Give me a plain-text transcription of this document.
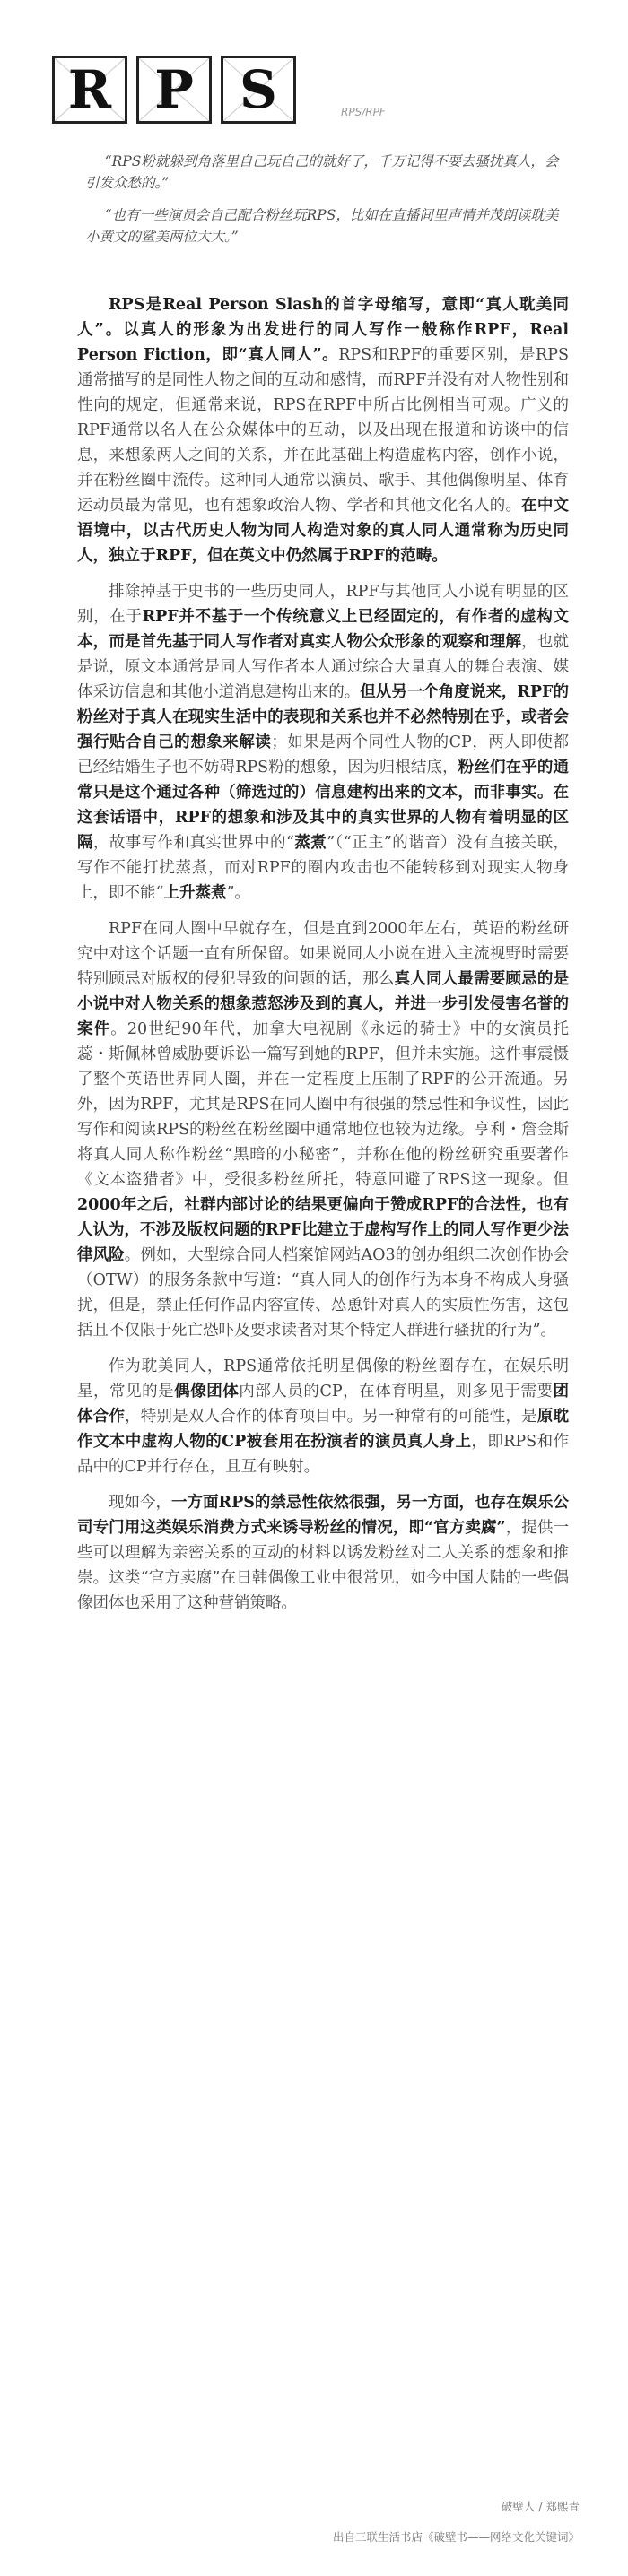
R P S	RPS/RPF

“RPS粉就躲到角落里自己玩自己的就好了，千万记得不要去骚扰真人，会引发众愁的。”

“也有一些演员会自己配合粉丝玩RPS，比如在直播间里声情并茂朗读耽美小黄文的鲨美两位大大。”

RPS是Real Person Slash的首字母缩写，意即“真人耽美同人”。以真人的形象为出发进行的同人写作一般称作RPF，Real Person Fiction，即“真人同人”。RPS和RPF的重要区别，是RPS通常描写的是同性人物之间的互动和感情，而RPF并没有对人物性别和性向的规定，但通常来说，RPS在RPF中所占比例相当可观。广义的RPF通常以名人在公众媒体中的互动，以及出现在报道和访谈中的信息，来想象两人之间的关系，并在此基础上构造虚构内容，创作小说，并在粉丝圈中流传。这种同人通常以演员、歌手、其他偶像明星、体育运动员最为常见，也有想象政治人物、学者和其他文化名人的。在中文语境中，以古代历史人物为同人构造对象的真人同人通常称为历史同人，独立于RPF，但在英文中仍然属于RPF的范畴。

排除掉基于史书的一些历史同人，RPF与其他同人小说有明显的区别，在于RPF并不基于一个传统意义上已经固定的，有作者的虚构文本，而是首先基于同人写作者对真实人物公众形象的观察和理解，也就是说，原文本通常是同人写作者本人通过综合大量真人的舞台表演、媒体采访信息和其他小道消息建构出来的。但从另一个角度说来，RPF的粉丝对于真人在现实生活中的表现和关系也并不必然特别在乎，或者会强行贴合自己的想象来解读；如果是两个同性人物的CP，两人即使都已经结婚生子也不妨碍RPS粉的想象，因为归根结底，粉丝们在乎的通常只是这个通过各种（筛选过的）信息建构出来的文本，而非事实。在这套话语中，RPF的想象和涉及其中的真实世界的人物有着明显的区隔，故事写作和真实世界中的“蒸煮”（“正主”的谐音）没有直接关联，写作不能打扰蒸煮，而对RPF的圈内攻击也不能转移到对现实人物身上，即不能“上升蒸煮”。

RPF在同人圈中早就存在，但是直到2000年左右，英语的粉丝研究中对这个话题一直有所保留。如果说同人小说在进入主流视野时需要特别顾忌对版权的侵犯导致的问题的话，那么真人同人最需要顾忌的是小说中对人物关系的想象惹怒涉及到的真人，并进一步引发侵害名誉的案件。20世纪90年代，加拿大电视剧《永远的骑士》中的女演员托蕊・斯佩林曾威胁要诉讼一篇写到她的RPF，但并未实施。这件事震慑了整个英语世界同人圈，并在一定程度上压制了RPF的公开流通。另外，因为RPF，尤其是RPS在同人圈中有很强的禁忌性和争议性，因此写作和阅读RPS的粉丝在粉丝圈中通常地位也较为边缘。亨利・詹金斯将真人同人称作粉丝“黑暗的小秘密”，并称在他的粉丝研究重要著作《文本盗猎者》中，受很多粉丝所托，特意回避了RPS这一现象。但2000年之后，社群内部讨论的结果更偏向于赞成RPF的合法性，也有人认为，不涉及版权问题的RPF比建立于虚构写作上的同人写作更少法律风险。例如，大型综合同人档案馆网站AO3的创办组织二次创作协会（OTW）的服务条款中写道：“真人同人的创作行为本身不构成人身骚扰，但是，禁止任何作品内容宣传、怂恿针对真人的实质性伤害，这包括且不仅限于死亡恐吓及要求读者对某个特定人群进行骚扰的行为”。

作为耽美同人，RPS通常依托明星偶像的粉丝圈存在，在娱乐明星，常见的是偶像团体内部人员的CP，在体育明星，则多见于需要团体合作，特别是双人合作的体育项目中。另一种常有的可能性，是原耽作文本中虚构人物的CP被套用在扮演者的演员真人身上，即RPS和作品中的CP并行存在，且互有映射。

现如今，一方面RPS的禁忌性依然很强，另一方面，也存在娱乐公司专门用这类娱乐消费方式来诱导粉丝的情况，即“官方卖腐”，提供一些可以理解为亲密关系的互动的材料以诱发粉丝对二人关系的想象和推崇。这类“官方卖腐”在日韩偶像工业中很常见，如今中国大陆的一些偶像团体也采用了这种营销策略。

破壁人 / 郑熙青
出自三联生活书店《破壁书——网络文化关键词》
